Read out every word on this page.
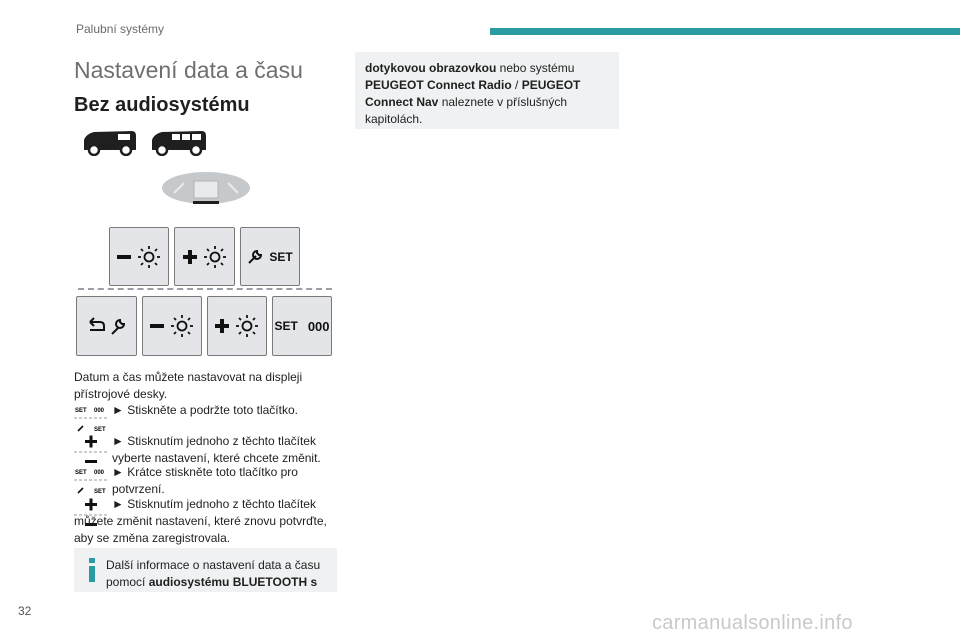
Palubní systémy
Nastavení data a času
Bez audiosystému
SET
SET 000
Datum a čas můžete nastavovat na displeji přístrojové desky.
SET 000
SET
► Stiskněte a podržte toto tlačítko.
► Stisknutím jednoho z těchto tlačítek vyberte nastavení, které chcete změnit.
SET 000
SET
► Krátce stiskněte toto tlačítko pro potvrzení.
► Stisknutím jednoho z těchto tlačítek můžete změnit nastavení, které znovu potvrďte, aby se změna zaregistrovala.
Další informace o nastavení data a času pomocí audiosystému BLUETOOTH s
dotykovou obrazovkou nebo systému PEUGEOT Connect Radio / PEUGEOT Connect Nav naleznete v příslušných kapitolách.
32
carmanualsonline.info
